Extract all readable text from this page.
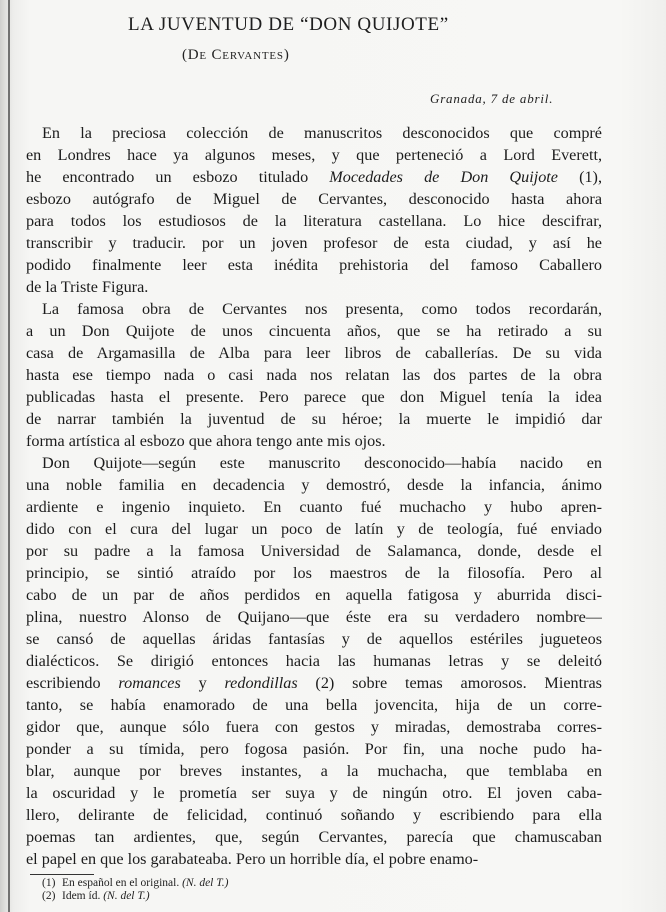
LA JUVENTUD DE “DON QUIJOTE”
(De Cervantes)
Granada, 7 de abril.
En la preciosa colección de manuscritos desconocidos que compré
en Londres hace ya algunos meses, y que perteneció a Lord Everett,
he encontrado un esbozo titulado Mocedades de Don Quijote (1),
esbozo autógrafo de Miguel de Cervantes, desconocido hasta ahora
para todos los estudiosos de la literatura castellana. Lo hice descifrar,
transcribir y traducir. por un joven profesor de esta ciudad, y así he
podido finalmente leer esta inédita prehistoria del famoso Caballero
de la Triste Figura.
La famosa obra de Cervantes nos presenta, como todos recordarán,
a un Don Quijote de unos cincuenta años, que se ha retirado a su
casa de Argamasilla de Alba para leer libros de caballerías. De su vida
hasta ese tiempo nada o casi nada nos relatan las dos partes de la obra
publicadas hasta el presente. Pero parece que don Miguel tenía la idea
de narrar también la juventud de su héroe; la muerte le impidió dar
forma artística al esbozo que ahora tengo ante mis ojos.
Don Quijote—según este manuscrito desconocido—había nacido en
una noble familia en decadencia y demostró, desde la infancia, ánimo
ardiente e ingenio inquieto. En cuanto fué muchacho y hubo apren-
dido con el cura del lugar un poco de latín y de teología, fué enviado
por su padre a la famosa Universidad de Salamanca, donde, desde el
principio, se sintió atraído por los maestros de la filosofía. Pero al
cabo de un par de años perdidos en aquella fatigosa y aburrida disci-
plina, nuestro Alonso de Quijano—que éste era su verdadero nombre—
se cansó de aquellas áridas fantasías y de aquellos estériles jugueteos
dialécticos. Se dirigió entonces hacia las humanas letras y se deleitó
escribiendo romances y redondillas (2) sobre temas amorosos. Mientras
tanto, se había enamorado de una bella jovencita, hija de un corre-
gidor que, aunque sólo fuera con gestos y miradas, demostraba corres-
ponder a su tímida, pero fogosa pasión. Por fin, una noche pudo ha-
blar, aunque por breves instantes, a la muchacha, que temblaba en
la oscuridad y le prometía ser suya y de ningún otro. El joven caba-
llero, delirante de felicidad, continuó soñando y escribiendo para ella
poemas tan ardientes, que, según Cervantes, parecía que chamuscaban
el papel en que los garabateaba. Pero un horrible día, el pobre enamo-
(1) En español en el original. (N. del T.)
(2) Idem íd. (N. del T.)
